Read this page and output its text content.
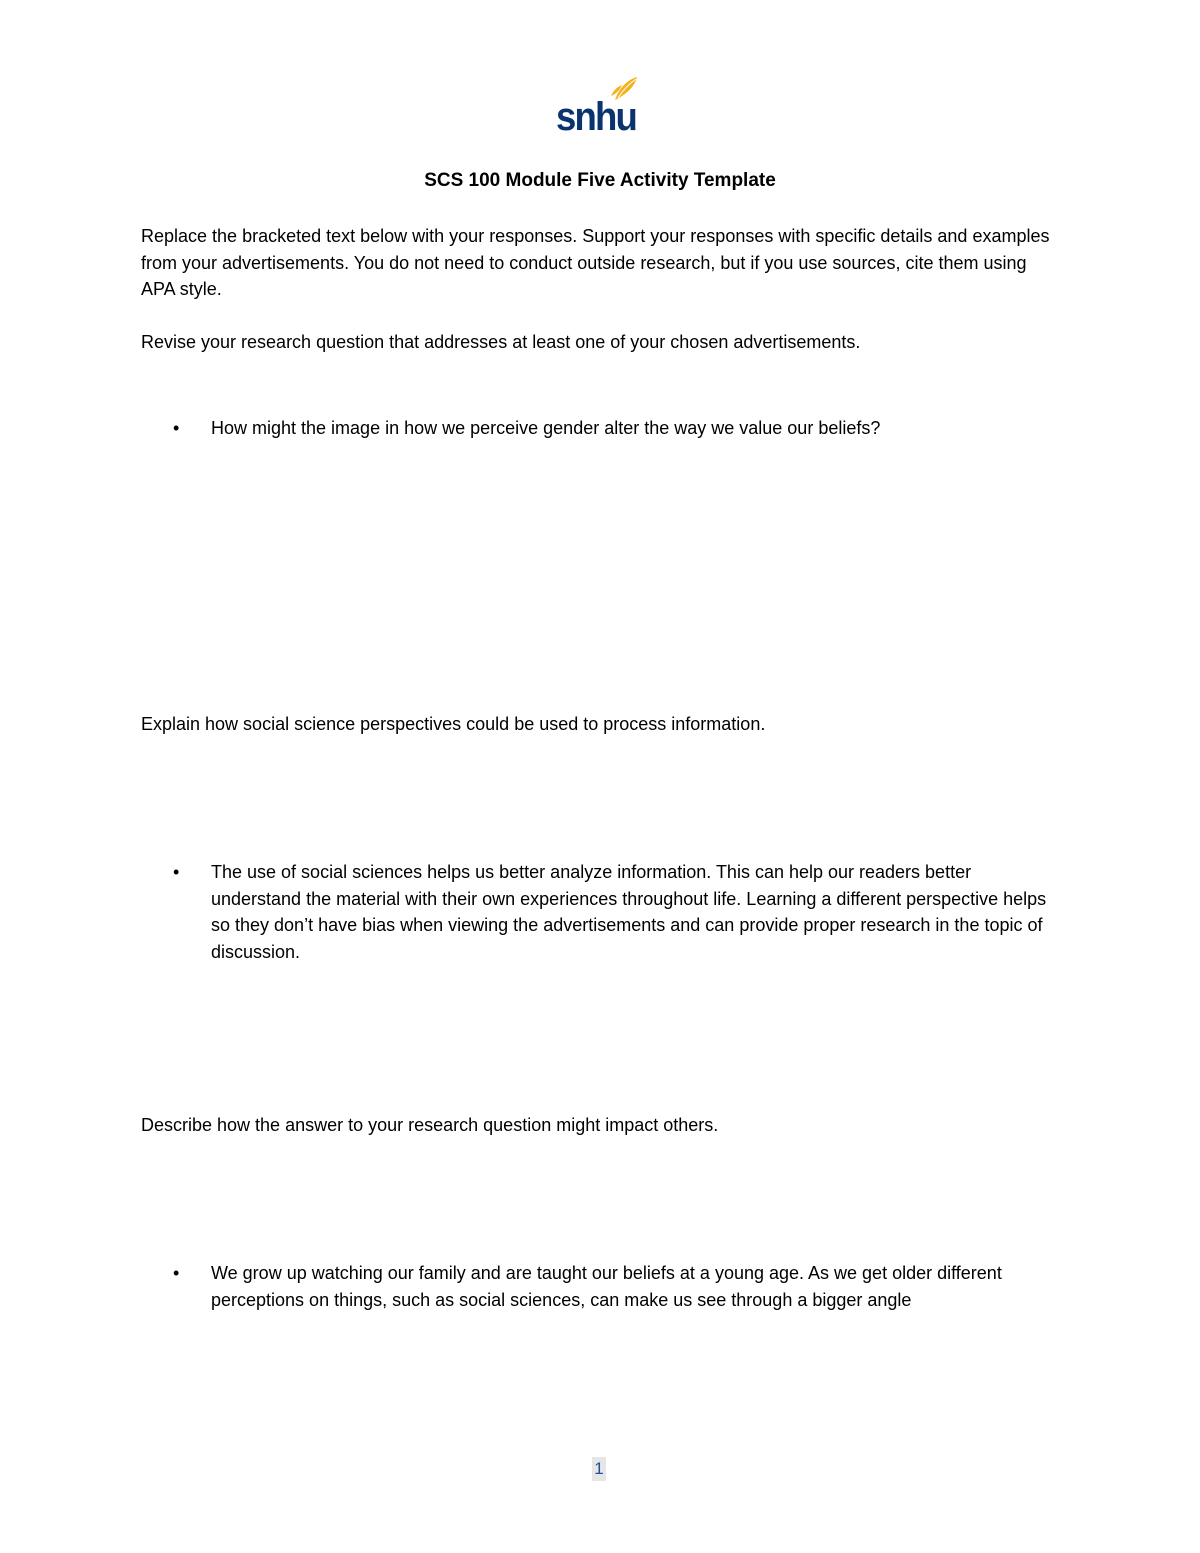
snhu
SCS 100 Module Five Activity Template
Replace the bracketed text below with your responses. Support your responses with specific details and examples from your advertisements. You do not need to conduct outside research, but if you use sources, cite them using APA style.
Revise your research question that addresses at least one of your chosen advertisements.
• How might the image in how we perceive gender alter the way we value our beliefs?
Explain how social science perspectives could be used to process information.
• The use of social sciences helps us better analyze information. This can help our readers better understand the material with their own experiences throughout life. Learning a different perspective helps so they don’t have bias when viewing the advertisements and can provide proper research in the topic of discussion.
Describe how the answer to your research question might impact others.
• We grow up watching our family and are taught our beliefs at a young age. As we get older different perceptions on things, such as social sciences, can make us see through a bigger angle
1
